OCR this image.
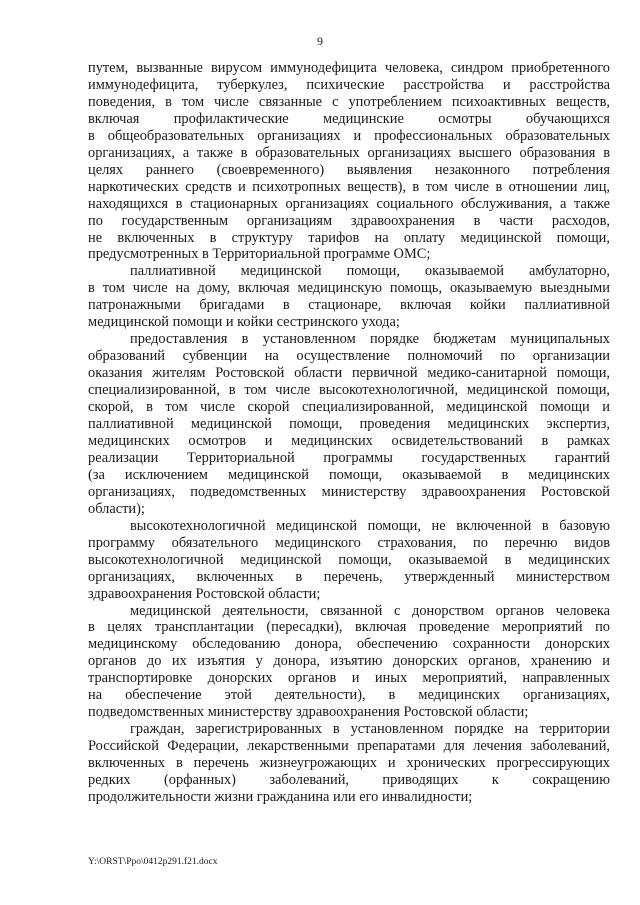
9
путем, вызванные вирусом иммунодефицита человека, синдром приобретенного
иммунодефицита, туберкулез, психические расстройства и расстройства
поведения, в том числе связанные с употреблением психоактивных веществ,
включая профилактические медицинские осмотры обучающихся
в общеобразовательных организациях и профессиональных образовательных
организациях, а также в образовательных организациях высшего образования в
целях раннего (своевременного) выявления незаконного потребления
наркотических средств и психотропных веществ), в том числе в отношении лиц,
находящихся в стационарных организациях социального обслуживания, а также
по государственным организациям здравоохранения в части расходов,
не включенных в структуру тарифов на оплату медицинской помощи,
предусмотренных в Территориальной программе ОМС;
паллиативной медицинской помощи, оказываемой амбулаторно,
в том числе на дому, включая медицинскую помощь, оказываемую выездными
патронажными бригадами в стационаре, включая койки паллиативной
медицинской помощи и койки сестринского ухода;
предоставления в установленном порядке бюджетам муниципальных
образований субвенции на осуществление полномочий по организации
оказания жителям Ростовской области первичной медико-санитарной помощи,
специализированной, в том числе высокотехнологичной, медицинской помощи,
скорой, в том числе скорой специализированной, медицинской помощи и
паллиативной медицинской помощи, проведения медицинских экспертиз,
медицинских осмотров и медицинских освидетельствований в рамках
реализации Территориальной программы государственных гарантий
(за исключением медицинской помощи, оказываемой в медицинских
организациях, подведомственных министерству здравоохранения Ростовской
области);
высокотехнологичной медицинской помощи, не включенной в базовую
программу обязательного медицинского страхования, по перечню видов
высокотехнологичной медицинской помощи, оказываемой в медицинских
организациях, включенных в перечень, утвержденный министерством
здравоохранения Ростовской области;
медицинской деятельности, связанной с донорством органов человека
в целях трансплантации (пересадки), включая проведение мероприятий по
медицинскому обследованию донора, обеспечению сохранности донорских
органов до их изъятия у донора, изъятию донорских органов, хранению и
транспортировке донорских органов и иных мероприятий, направленных
на обеспечение этой деятельности), в медицинских организациях,
подведомственных министерству здравоохранения Ростовской области;
граждан, зарегистрированных в установленном порядке на территории
Российской Федерации, лекарственными препаратами для лечения заболеваний,
включенных в перечень жизнеугрожающих и хронических прогрессирующих
редких (орфанных) заболеваний, приводящих к сокращению
продолжительности жизни гражданина или его инвалидности;
Y:\ORST\Ppo\0412p291.f21.docx
